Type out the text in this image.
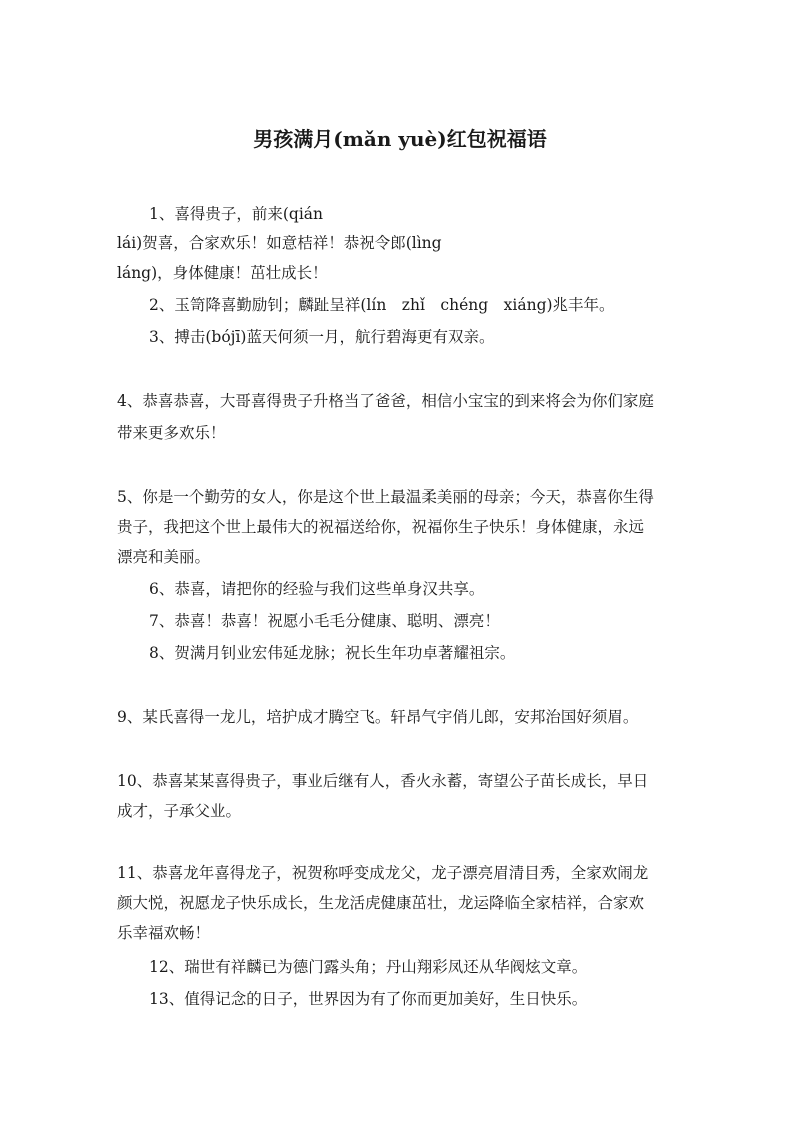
男孩满月(mǎn yuè)红包祝福语
1、喜得贵子，前来(qián
lái)贺喜，合家欢乐！如意桔祥！恭祝令郎(lìng
láng)，身体健康！茁壮成长！
2、玉笥降喜勤励钊；麟趾呈祥(lín　zhǐ　chéng　xiáng)兆丰年。
3、搏击(bójī)蓝天何须一月，航行碧海更有双亲。
4、恭喜恭喜，大哥喜得贵子升格当了爸爸，相信小宝宝的到来将会为你们家庭
带来更多欢乐！
5、你是一个勤劳的女人，你是这个世上最温柔美丽的母亲；今天，恭喜你生得
贵子，我把这个世上最伟大的祝福送给你，祝福你生子快乐！身体健康，永远
漂亮和美丽。
6、恭喜，请把你的经验与我们这些单身汉共享。
7、恭喜！恭喜！祝愿小毛毛分健康、聪明、漂亮！
8、贺满月钊业宏伟延龙脉；祝长生年功卓著耀祖宗。
9、某氏喜得一龙儿，培护成才腾空飞。轩昂气宇俏儿郎，安邦治国好须眉。
10、恭喜某某喜得贵子，事业后继有人，香火永蓄，寄望公子苗长成长，早日
成才，子承父业。
11、恭喜龙年喜得龙子，祝贺称呼变成龙父，龙子漂亮眉清目秀，全家欢闹龙
颜大悦，祝愿龙子快乐成长，生龙活虎健康茁壮，龙运降临全家桔祥，合家欢
乐幸福欢畅！
12、瑞世有祥麟已为德门露头角；丹山翔彩凤还从华阀炫文章。
13、值得记念的日子，世界因为有了你而更加美好，生日快乐。
